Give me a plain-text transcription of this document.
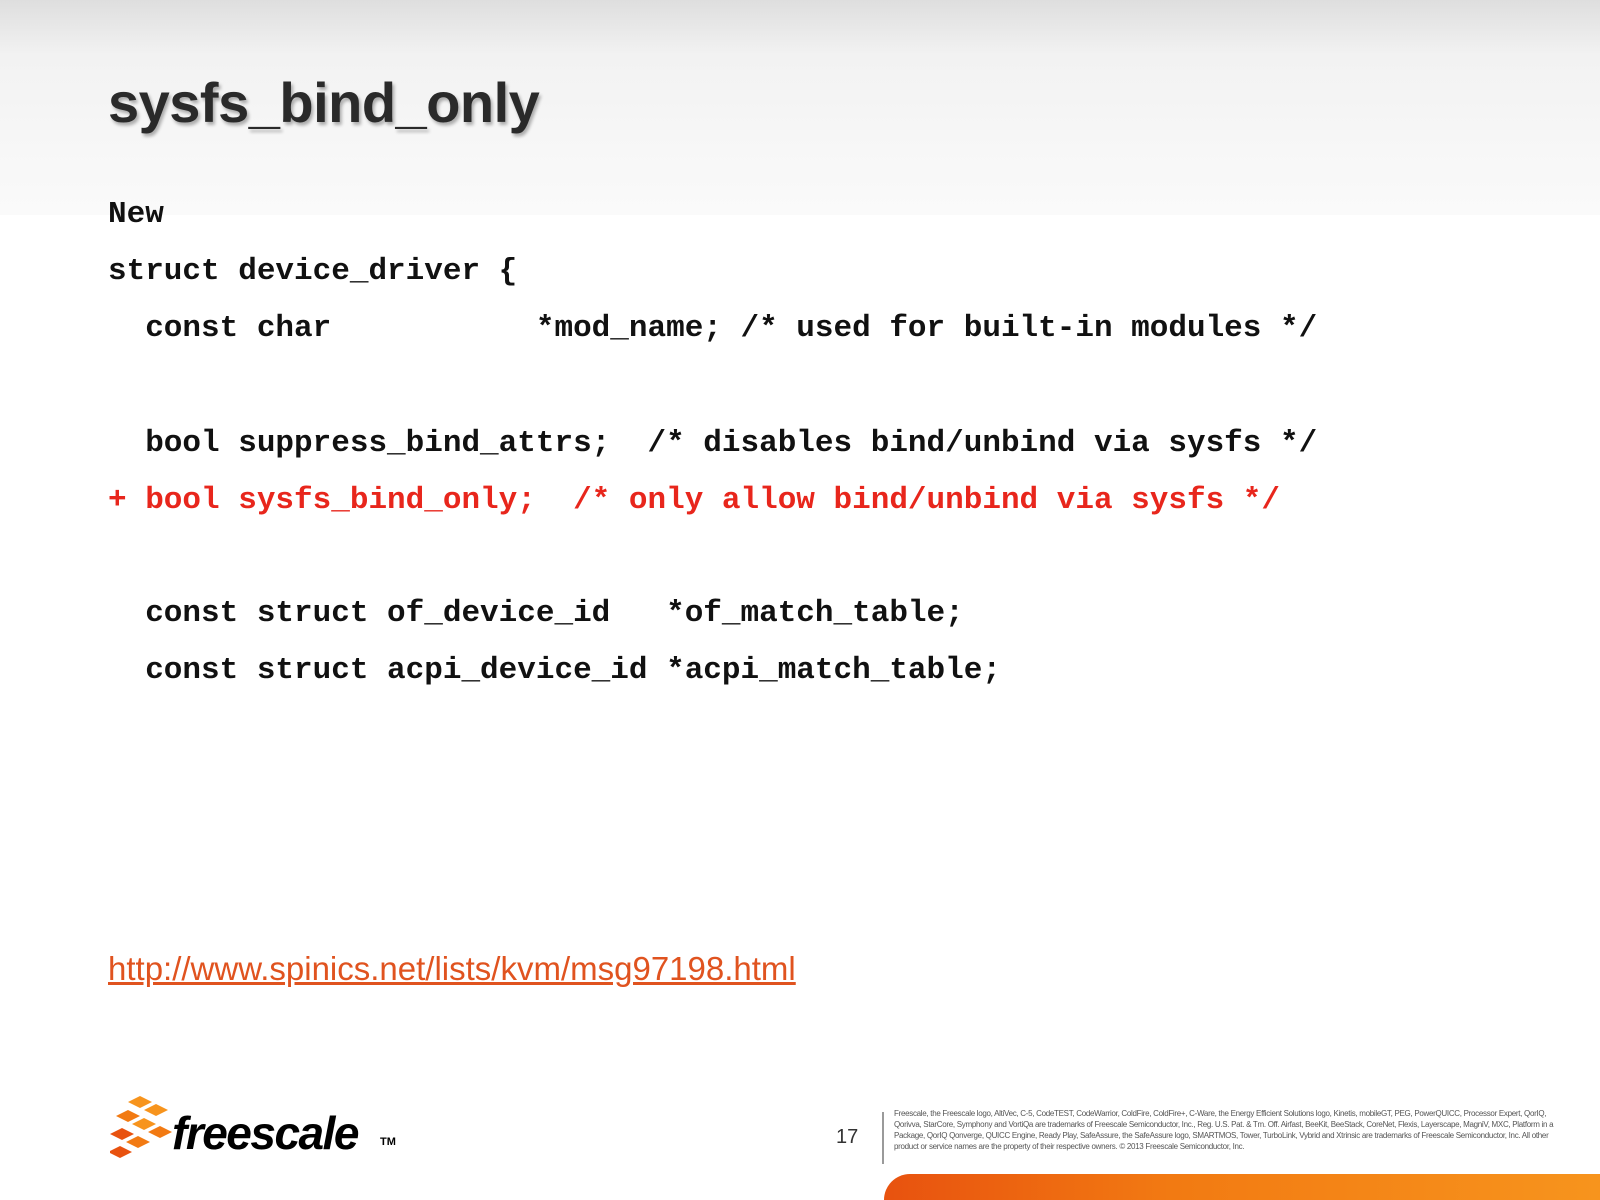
sysfs_bind_only
New
struct device_driver {
const char           *mod_name; /* used for built-in modules */
bool suppress_bind_attrs;  /* disables bind/unbind via sysfs */
+ bool sysfs_bind_only;  /* only allow bind/unbind via sysfs */
const struct of_device_id   *of_match_table;
const struct acpi_device_id *acpi_match_table;
http://www.spinics.net/lists/kvm/msg97198.html
freescale TM	17
Freescale, the Freescale logo, AltiVec, C-5, CodeTEST, CodeWarrior, ColdFire, ColdFire+, C-Ware, the Energy Efficient Solutions logo, Kinetis, mobileGT, PEG, PowerQUICC, Processor Expert, QorIQ, Qorivva, StarCore, Symphony and VortiQa are trademarks of Freescale Semiconductor, Inc., Reg. U.S. Pat. & Tm. Off. Airfast, BeeKit, BeeStack, CoreNet, Flexis, Layerscape, MagniV, MXC, Platform in a Package, QorIQ Qonverge, QUICC Engine, Ready Play, SafeAssure, the SafeAssure logo, SMARTMOS, Tower, TurboLink, Vybrid and Xtrinsic are trademarks of Freescale Semiconductor, Inc. All other product or service names are the property of their respective owners. © 2013 Freescale Semiconductor, Inc.
